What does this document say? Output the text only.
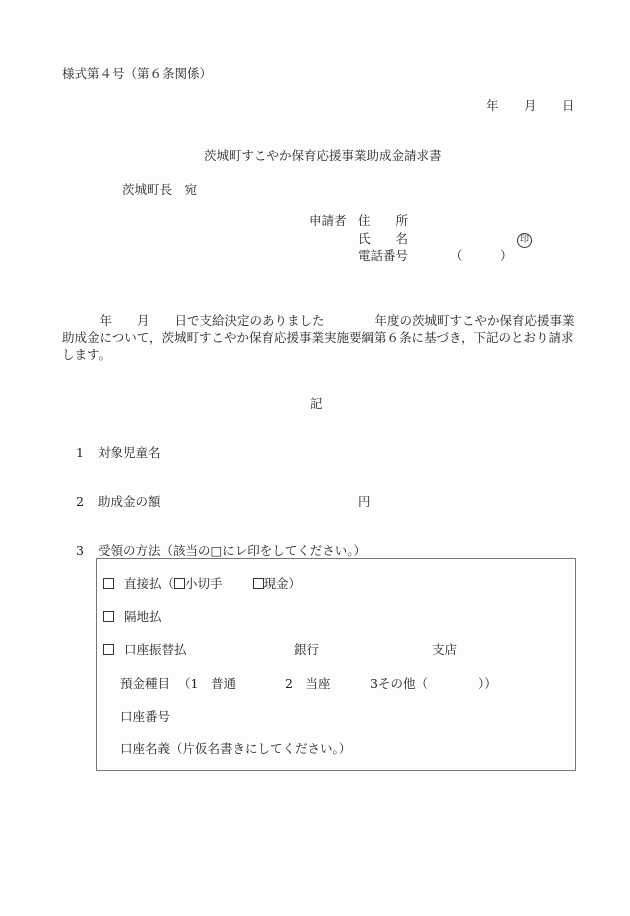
様式第４号（第６条関係）
年 月 日
茨城町すこやか保育応援事業助成金請求書
茨城町長　宛
申請者 住　　所
氏　　名	印
電話番号	（　　　）
　　　年　　月　　日で支給決定のありました　　　　年度の茨城町すこやか保育応援事業
助成金について，茨城町すこやか保育応援事業実施要綱第６条に基づき，下記のとおり請求
します。
記
1 対象児童名
2 助成金の額	円
3 受領の方法（該当の□にレ印をしてください。）
直接払（ 小切手	現金）
隔地払
口座振替払	銀行	支店
預金種目 （1　普通	2　当座	3その他（　　　　））
口座番号
口座名義（片仮名書きにしてください。）
